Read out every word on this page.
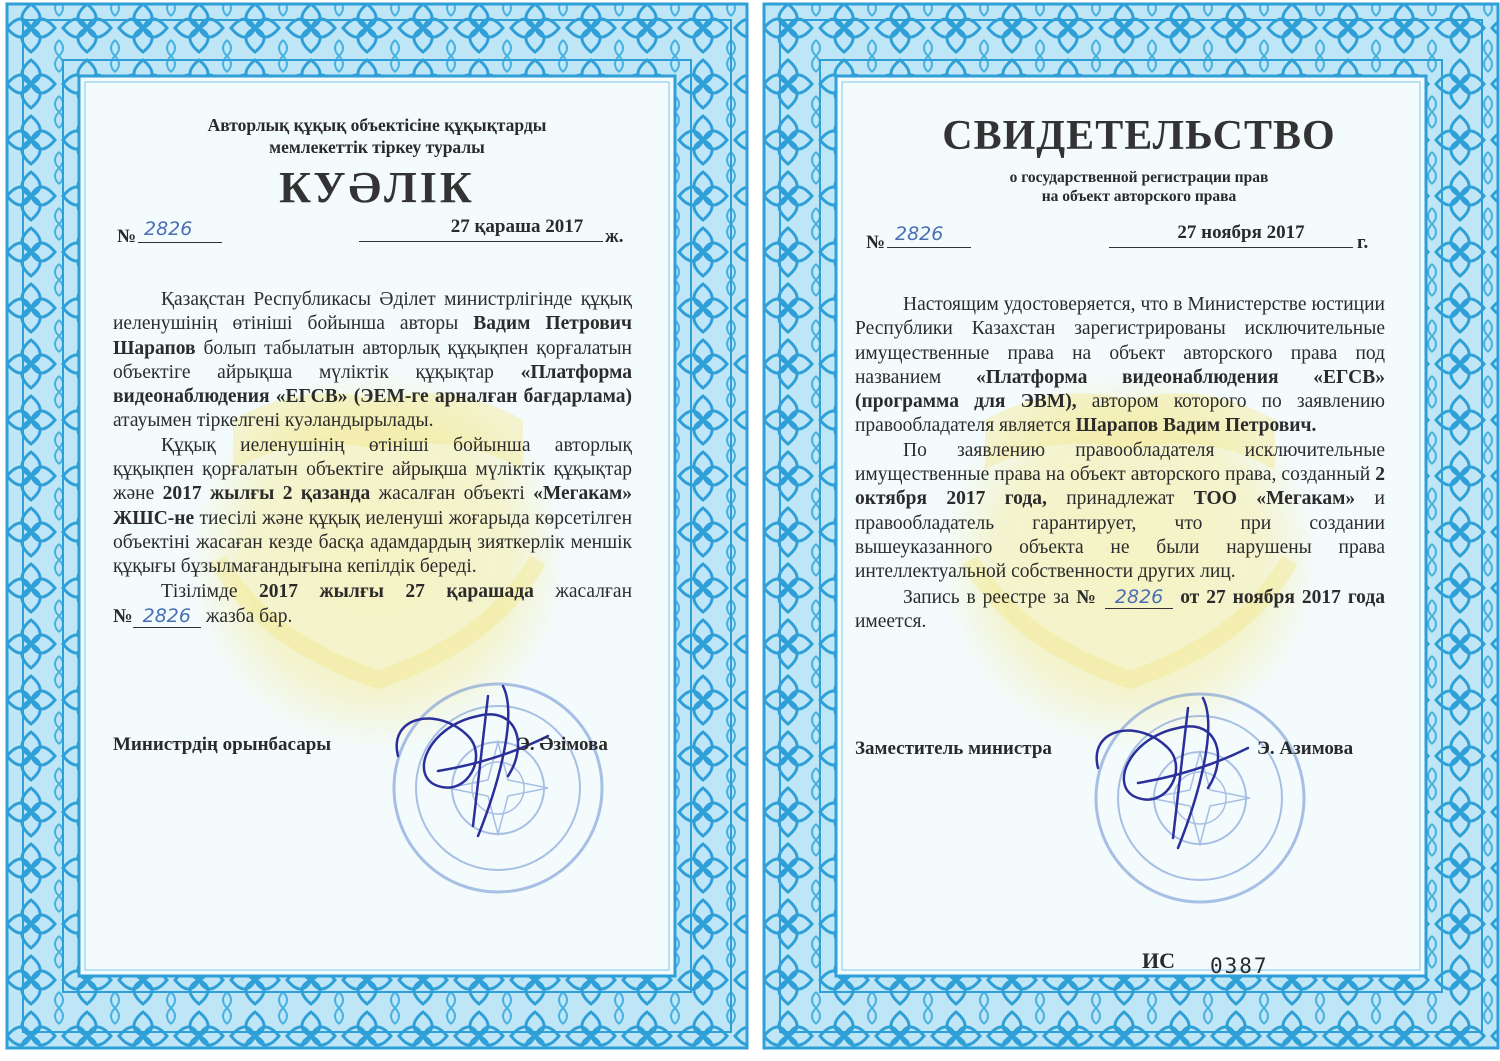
Авторлық құқық объектісіне құқықтарды
мемлекеттік тіркеу туралы
КУӘЛІК
№ 2826	27 қараша 2017	ж.

Қазақстан Республикасы Әділет министрлігінде құқық иеленушінің өтініші бойынша авторы Вадим Петрович Шарапов болып табылатын авторлық құқықпен қорғалатын объектіге айрықша мүліктік құқықтар «Платформа видеонаблюдения «ЕГСВ» (ЭЕМ-ге арналған бағдарлама) атауымен тіркелгені куәландырылады.

Құқық иеленушінің өтініші бойынша авторлық құқықпен қорғалатын объектіге айрықша мүліктік құқықтар және 2017 жылғы 2 қазанда жасалған объекті «Мегакам» ЖШС-не тиесілі және құқық иеленуші жоғарыда көрсетілген объектіні жасаған кезде басқа адамдардың зияткерлік меншік құқығы бұзылмағандығына кепілдік береді.

Тізілімде 2017 жылғы 27 қарашада жасалған № 2826 жазба бар.

Министрдің орынбасары	Э. Әзімова
СВИДЕТЕЛЬСТВО
о государственной регистрации прав
на объект авторского права
№ 2826	27 ноября 2017	г.

Настоящим удостоверяется, что в Министерстве юстиции Республики Казахстан зарегистрированы исключительные имущественные права на объект авторского права под названием «Платформа видеонаблюдения «ЕГСВ» (программа для ЭВМ), автором которого по заявлению правообладателя является Шарапов Вадим Петрович.

По заявлению правообладателя исключительные имущественные права на объект авторского права, созданный 2 октября 2017 года, принадлежат ТОО «Мегакам» и правообладатель гарантирует, что при создании вышеуказанного объекта не были нарушены права интеллектуальной собственности других лиц.

Запись в реестре за № 2826 от 27 ноября 2017 года имеется.

Заместитель министра	Э. Азимова
ИС 0387
